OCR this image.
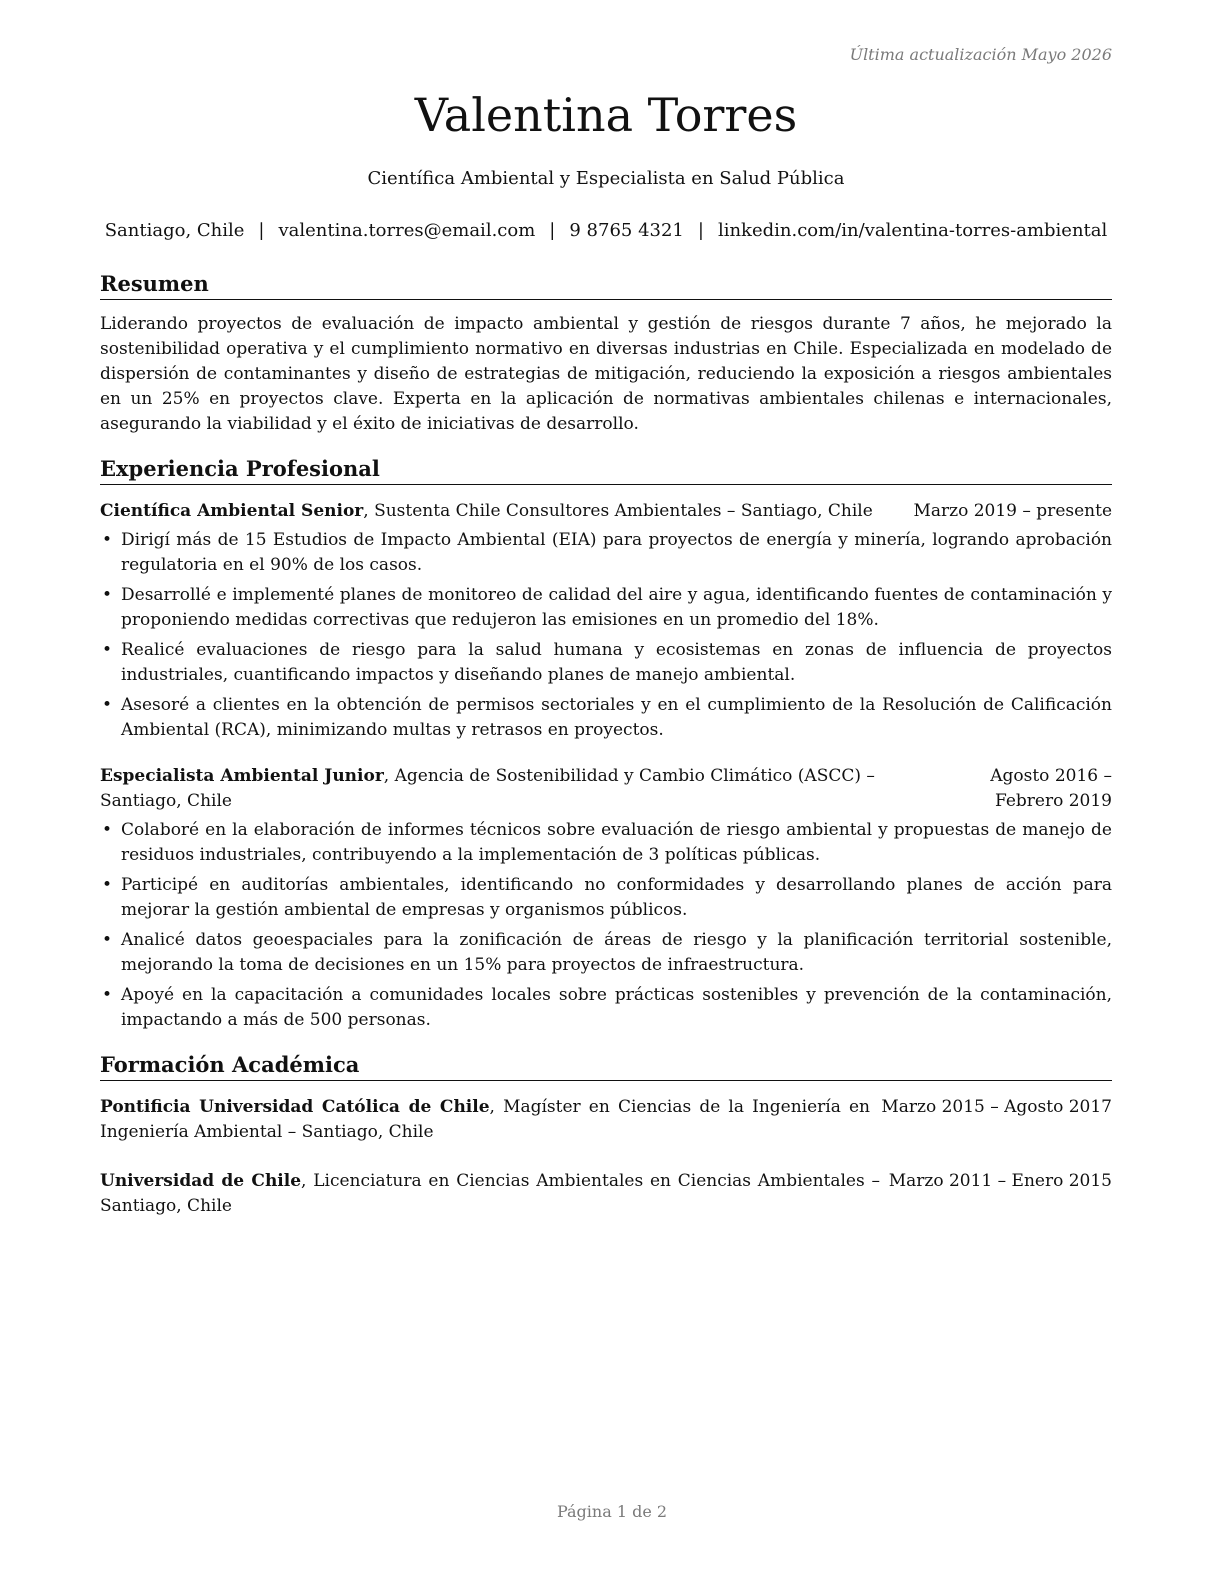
Última actualización Mayo 2026
Valentina Torres
Científica Ambiental y Especialista en Salud Pública
Santiago, Chile | valentina.torres@email.com | 9 8765 4321 | linkedin.com/in/valentina-torres-ambiental
Resumen
Liderando proyectos de evaluación de impacto ambiental y gestión de riesgos durante 7 años, he mejorado la sostenibilidad operativa y el cumplimiento normativo en diversas industrias en Chile. Especializada en modelado de dispersión de contaminantes y diseño de estrategias de mitigación, reduciendo la exposición a riesgos ambientales en un 25% en proyectos clave. Experta en la aplicación de normativas ambientales chilenas e internacionales, asegurando la viabilidad y el éxito de iniciativas de desarrollo.
Experiencia Profesional
Científica Ambiental Senior, Sustenta Chile Consultores Ambientales – Santiago, Chile	Marzo 2019 – presente
• Dirigí más de 15 Estudios de Impacto Ambiental (EIA) para proyectos de energía y minería, logrando aprobación regulatoria en el 90% de los casos.
• Desarrollé e implementé planes de monitoreo de calidad del aire y agua, identificando fuentes de contaminación y proponiendo medidas correctivas que redujeron las emisiones en un promedio del 18%.
• Realicé evaluaciones de riesgo para la salud humana y ecosistemas en zonas de influencia de proyectos industriales, cuantificando impactos y diseñando planes de manejo ambiental.
• Asesoré a clientes en la obtención de permisos sectoriales y en el cumplimiento de la Resolución de Calificación Ambiental (RCA), minimizando multas y retrasos en proyectos.
Especialista Ambiental Junior, Agencia de Sostenibilidad y Cambio Climático (ASCC) – Santiago, Chile
Agosto 2016 – Febrero 2019
• Colaboré en la elaboración de informes técnicos sobre evaluación de riesgo ambiental y propuestas de manejo de residuos industriales, contribuyendo a la implementación de 3 políticas públicas.
• Participé en auditorías ambientales, identificando no conformidades y desarrollando planes de acción para mejorar la gestión ambiental de empresas y organismos públicos.
• Analicé datos geoespaciales para la zonificación de áreas de riesgo y la planificación territorial sostenible, mejorando la toma de decisiones en un 15% para proyectos de infraestructura.
• Apoyé en la capacitación a comunidades locales sobre prácticas sostenibles y prevención de la contaminación, impactando a más de 500 personas.
Formación Académica
Pontificia Universidad Católica de Chile, Magíster en Ciencias de la Ingeniería en Ingeniería Ambiental – Santiago, Chile
Marzo 2015 – Agosto 2017
Universidad de Chile, Licenciatura en Ciencias Ambientales en Ciencias Ambientales – Santiago, Chile
Marzo 2011 – Enero 2015
Página 1 de 2
